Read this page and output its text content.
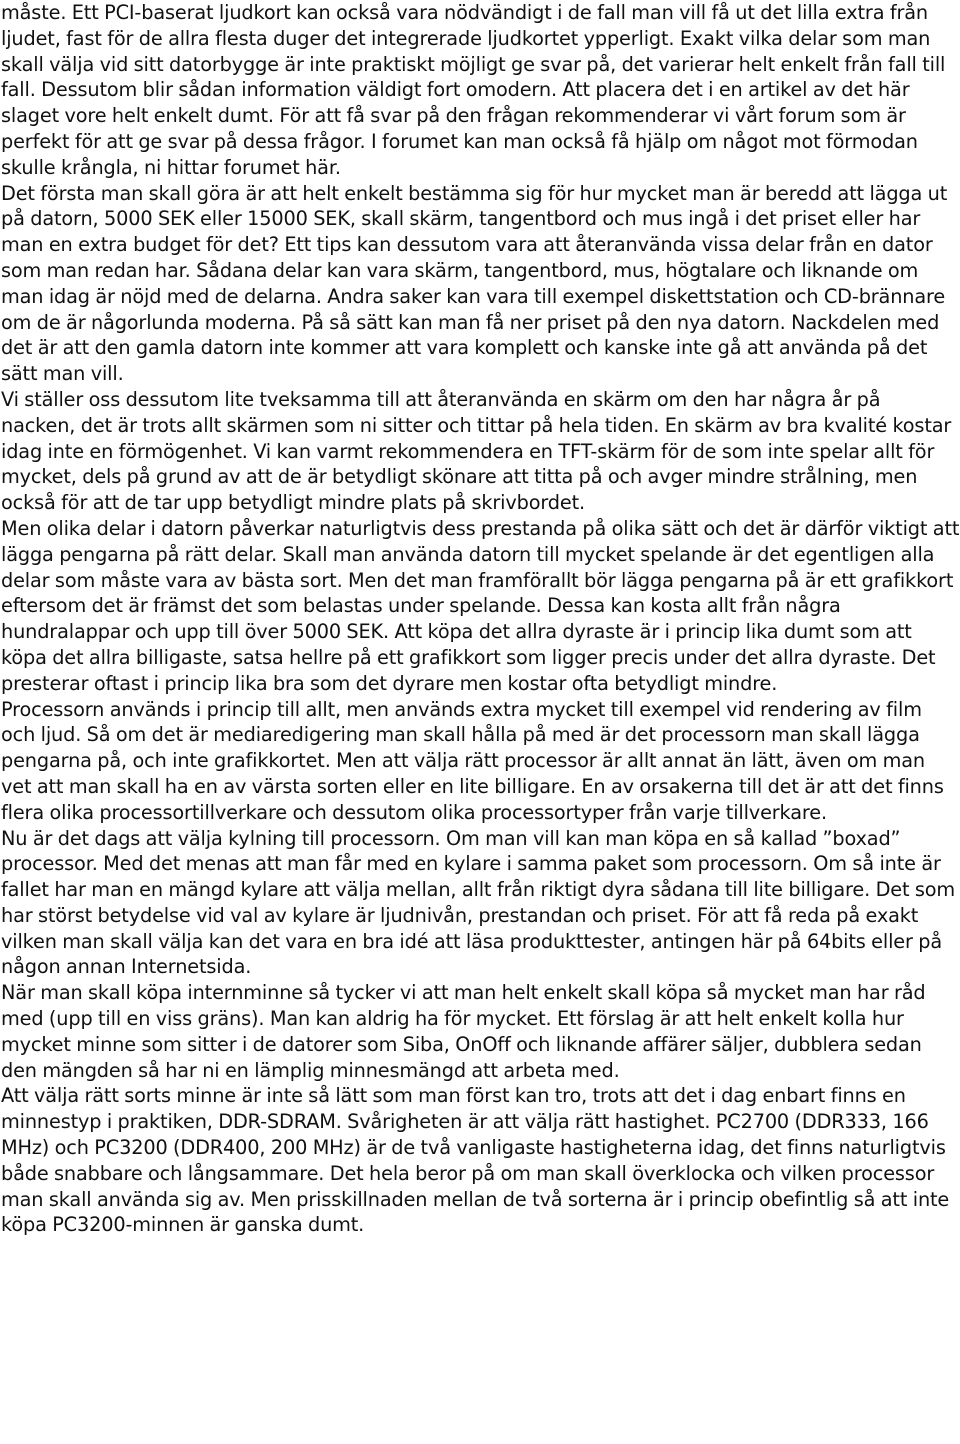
måste. Ett PCI-baserat ljudkort kan också vara nödvändigt i de fall man vill få ut det lilla extra från ljudet, fast för de allra flesta duger det integrerade ljudkortet ypperligt. Exakt vilka delar som man skall välja vid sitt datorbygge är inte praktiskt möjligt ge svar på, det varierar helt enkelt från fall till fall. Dessutom blir sådan information väldigt fort omodern. Att placera det i en artikel av det här slaget vore helt enkelt dumt. För att få svar på den frågan rekommenderar vi vårt forum som är perfekt för att ge svar på dessa frågor. I forumet kan man också få hjälp om något mot förmodan skulle krångla, ni hittar forumet här.

Det första man skall göra är att helt enkelt bestämma sig för hur mycket man är beredd att lägga ut på datorn, 5000 SEK eller 15000 SEK, skall skärm, tangentbord och mus ingå i det priset eller har man en extra budget för det? Ett tips kan dessutom vara att återanvända vissa delar från en dator som man redan har. Sådana delar kan vara skärm, tangentbord, mus, högtalare och liknande om man idag är nöjd med de delarna. Andra saker kan vara till exempel diskettstation och CD-brännare om de är någorlunda moderna. På så sätt kan man få ner priset på den nya datorn. Nackdelen med det är att den gamla datorn inte kommer att vara komplett och kanske inte gå att använda på det sätt man vill.

Vi ställer oss dessutom lite tveksamma till att återanvända en skärm om den har några år på nacken, det är trots allt skärmen som ni sitter och tittar på hela tiden. En skärm av bra kvalité kostar idag inte en förmögenhet. Vi kan varmt rekommendera en TFT-skärm för de som inte spelar allt för mycket, dels på grund av att de är betydligt skönare att titta på och avger mindre strålning, men också för att de tar upp betydligt mindre plats på skrivbordet.

Men olika delar i datorn påverkar naturligtvis dess prestanda på olika sätt och det är därför viktigt att lägga pengarna på rätt delar. Skall man använda datorn till mycket spelande är det egentligen alla delar som måste vara av bästa sort. Men det man framförallt bör lägga pengarna på är ett grafikkort eftersom det är främst det som belastas under spelande. Dessa kan kosta allt från några hundralappar och upp till över 5000 SEK. Att köpa det allra dyraste är i princip lika dumt som att köpa det allra billigaste, satsa hellre på ett grafikkort som ligger precis under det allra dyraste. Det presterar oftast i princip lika bra som det dyrare men kostar ofta betydligt mindre.

Processorn används i princip till allt, men används extra mycket till exempel vid rendering av film och ljud. Så om det är mediaredigering man skall hålla på med är det processorn man skall lägga pengarna på, och inte grafikkortet. Men att välja rätt processor är allt annat än lätt, även om man vet att man skall ha en av värsta sorten eller en lite billigare. En av orsakerna till det är att det finns flera olika processortillverkare och dessutom olika processortyper från varje tillverkare.

Nu är det dags att välja kylning till processorn. Om man vill kan man köpa en så kallad ”boxad” processor. Med det menas att man får med en kylare i samma paket som processorn. Om så inte är fallet har man en mängd kylare att välja mellan, allt från riktigt dyra sådana till lite billigare. Det som har störst betydelse vid val av kylare är ljudnivån, prestandan och priset. För att få reda på exakt vilken man skall välja kan det vara en bra idé att läsa produkttester, antingen här på 64bits eller på någon annan Internetsida.

När man skall köpa internminne så tycker vi att man helt enkelt skall köpa så mycket man har råd med (upp till en viss gräns). Man kan aldrig ha för mycket. Ett förslag är att helt enkelt kolla hur mycket minne som sitter i de datorer som Siba, OnOff och liknande affärer säljer, dubblera sedan den mängden så har ni en lämplig minnesmängd att arbeta med.

Att välja rätt sorts minne är inte så lätt som man först kan tro, trots att det i dag enbart finns en minnestyp i praktiken, DDR-SDRAM. Svårigheten är att välja rätt hastighet. PC2700 (DDR333, 166 MHz) och PC3200 (DDR400, 200 MHz) är de två vanligaste hastigheterna idag, det finns naturligtvis både snabbare och långsammare. Det hela beror på om man skall överklocka och vilken processor man skall använda sig av. Men prisskillnaden mellan de två sorterna är i princip obefintlig så att inte köpa PC3200-minnen är ganska dumt.
